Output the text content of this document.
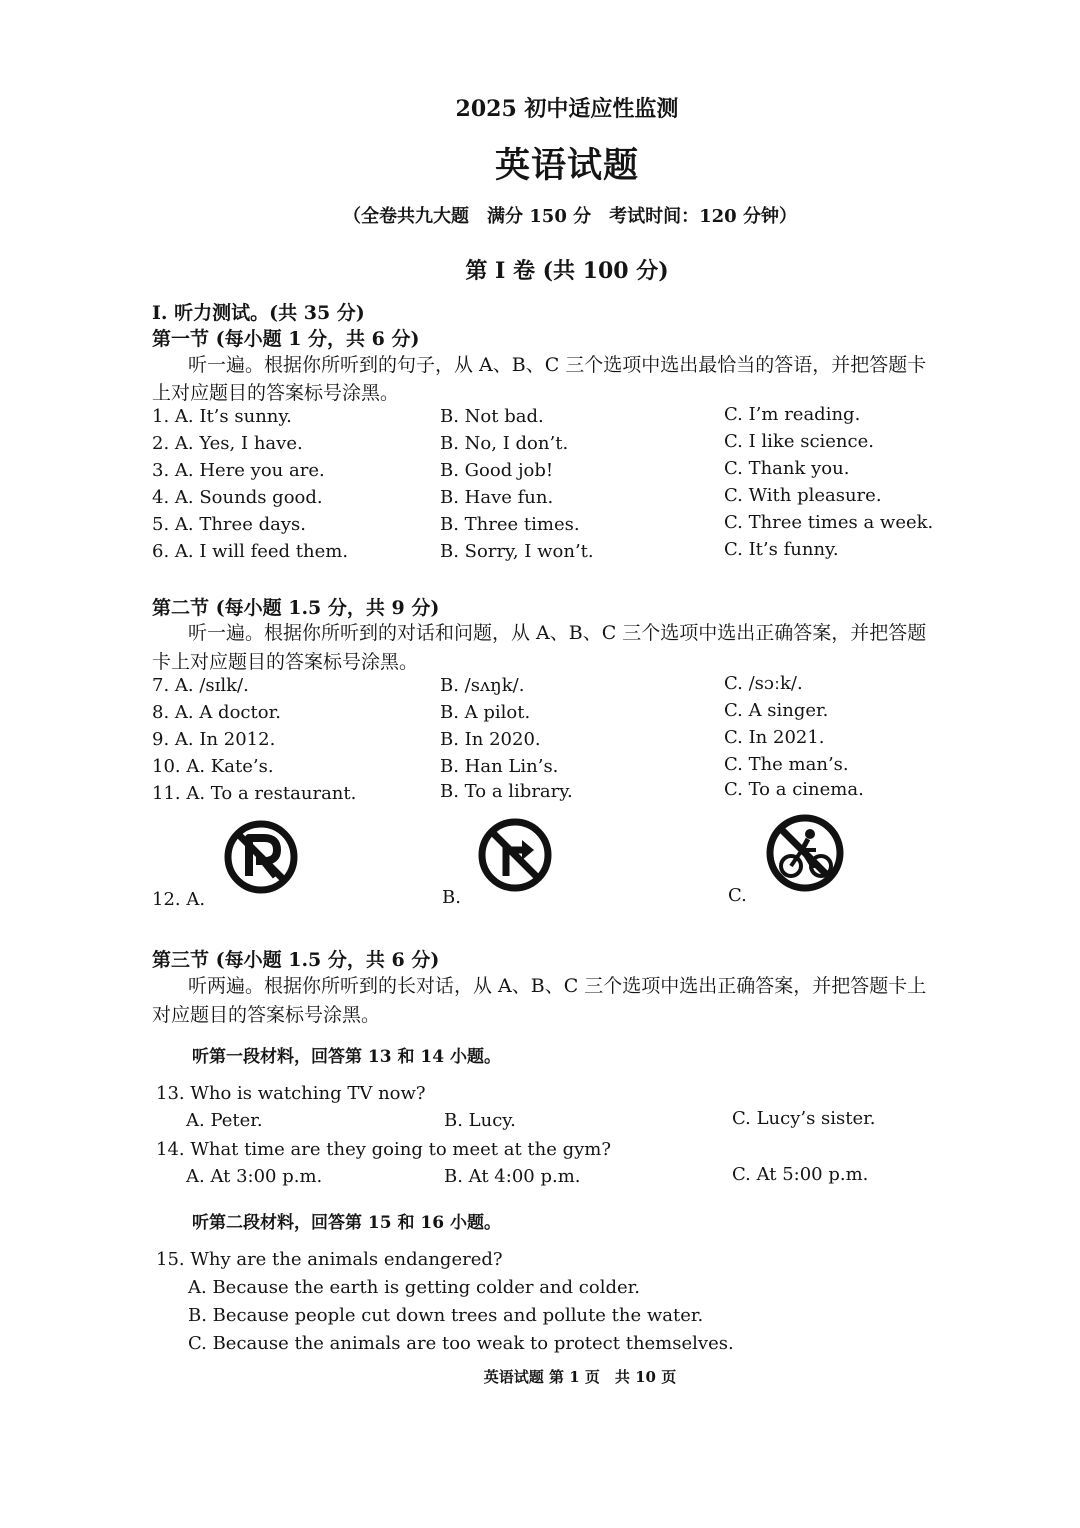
2025 初中适应性监测
英语试题
（全卷共九大题　满分 150 分　考试时间：120 分钟）
第 I 卷 (共 100 分)
I. 听力测试。(共 35 分)
第一节 (每小题 1 分，共 6 分)
听一遍。根据你所听到的句子，从 A、B、C 三个选项中选出最恰当的答语，并把答题卡
上对应题目的答案标号涂黑。
1. A. It’s sunny.	B. Not bad.	C. I’m reading.
2. A. Yes, I have.	B. No, I don’t.	C. I like science.
3. A. Here you are.	B. Good job!	C. Thank you.
4. A. Sounds good.	B. Have fun.	C. With pleasure.
5. A. Three days.	B. Three times.	C. Three times a week.
6. A. I will feed them.	B. Sorry, I won’t.	C. It’s funny.
第二节 (每小题 1.5 分，共 9 分)
听一遍。根据你所听到的对话和问题，从 A、B、C 三个选项中选出正确答案，并把答题
卡上对应题目的答案标号涂黑。
7. A. /sɪlk/.	B. /sʌŋk/.	C. /sɔːk/.
8. A. A doctor.	B. A pilot.	C. A singer.
9. A. In 2012.	B. In 2020.	C. In 2021.
10. A. Kate’s.	B. Han Lin’s.	C. The man’s.
11. A. To a restaurant.	B. To a library.	C. To a cinema.
12. A.	B.	C.
第三节 (每小题 1.5 分，共 6 分)
听两遍。根据你所听到的长对话，从 A、B、C 三个选项中选出正确答案，并把答题卡上
对应题目的答案标号涂黑。
听第一段材料，回答第 13 和 14 小题。
13. Who is watching TV now?
A. Peter.	B. Lucy.	C. Lucy’s sister.
14. What time are they going to meet at the gym?
A. At 3:00 p.m.	B. At 4:00 p.m.	C. At 5:00 p.m.
听第二段材料，回答第 15 和 16 小题。
15. Why are the animals endangered?
A. Because the earth is getting colder and colder.
B. Because people cut down trees and pollute the water.
C. Because the animals are too weak to protect themselves.
英语试题 第 1 页　共 10 页
